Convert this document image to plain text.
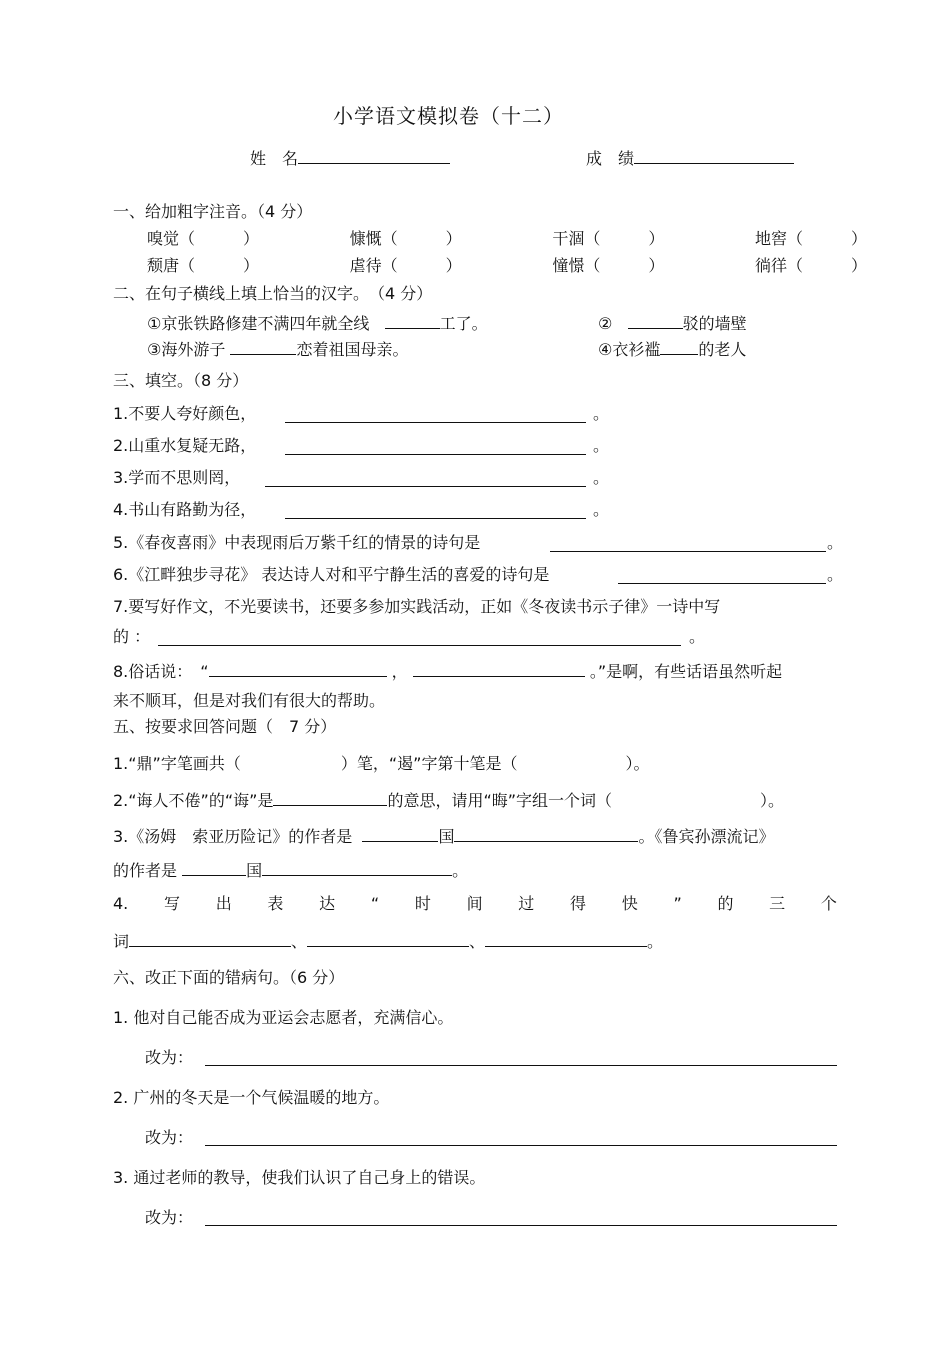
小学语文模拟卷（十二）
姓　名	成　绩
一、给加粗字注音。（4 分）
嗅觉（　　　）	慷慨（　　　）	干涸（　　　）	地窖（　　　）
颓唐（　　　）	虐待（　　　）	憧憬（　　　）	徜徉（　　　）
二、在句子横线上填上恰当的汉字。　（4 分）
①京张铁路修建不满四年就全线	工了。	②	驳的墙壁
③海外游子	恋着祖国母亲。	④衣衫褴 的老人
三、填空。（8 分）
1.不要人夸好颜色，	。
2.山重水复疑无路，	。
3.学而不思则罔，	。
4.书山有路勤为径，	。
5.《春夜喜雨》中表现雨后万紫千红的情景的诗句是	。
6.《江畔独步寻花》 表达诗人对和平宁静生活的喜爱的诗句是	。
7.要写好作文，不光要读书，还要多参加实践活动，正如《冬夜读书示子律》一诗中写
的 ：	。
8.俗话说：　“	，	。”是啊，有些话语虽然听起
来不顺耳，但是对我们有很大的帮助。
五、按要求回答问题（　7 分）
1.“鼎”字笔画共（	）笔，“遏”字第十笔是（	）。
2.“诲人不倦”的“诲”是	的意思，请用“晦”字组一个词（	）。
3.《汤姆　索亚历险记》的作者是	国	。《鲁宾孙漂流记》
的作者是	国	。
4. 写 出 表 达 “ 时 间 过 得 快 ” 的 三 个
词	、	、	。
六、改正下面的错病句。（6 分）
1. 他对自己能否成为亚运会志愿者，充满信心。
改为：
2. 广州的冬天是一个气候温暖的地方。
改为：
3. 通过老师的教导，使我们认识了自己身上的错误。
改为：
